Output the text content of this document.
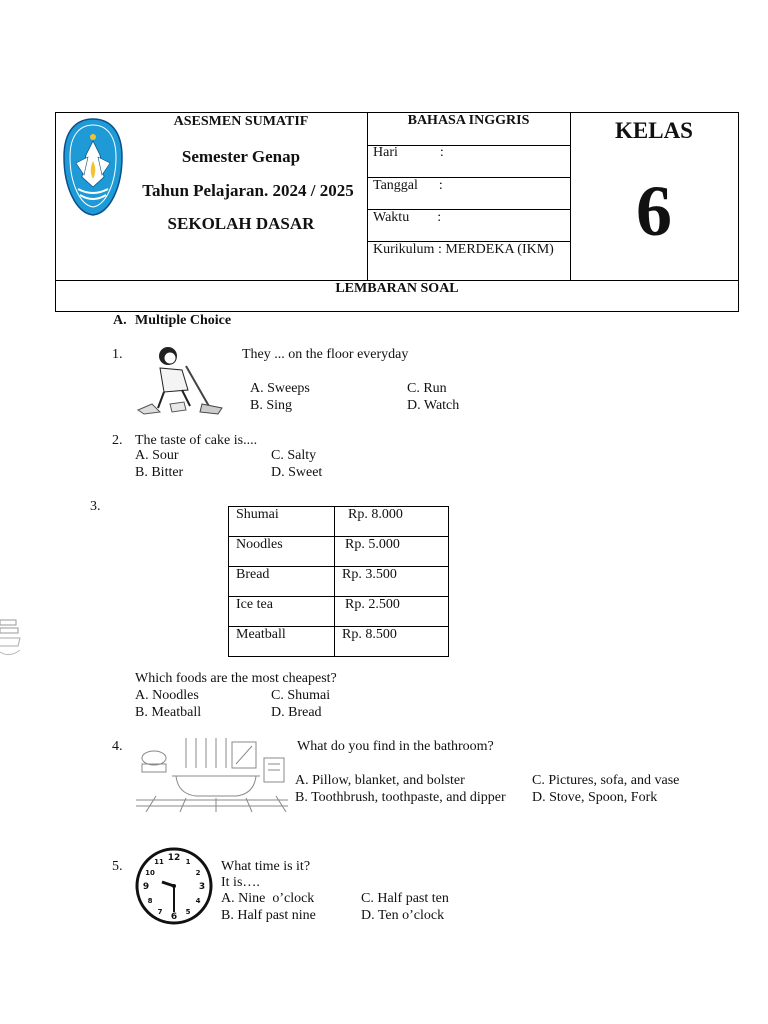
ASESMEN SUMATIF
Semester Genap
Tahun Pelajaran. 2024 / 2025
SEKOLAH DASAR
BAHASA INGGRIS
Hari            :
Tanggal      :
Waktu        :
Kurikulum : MERDEKA (IKM)
KELAS
6
LEMBARAN SOAL
A. Multiple Choice
1.	They ... on the floor everyday
A. Sweeps
B. Sing
C. Run
D. Watch
2. The taste of cake is....
A. Sour
B. Bitter
C. Salty
D. Sweet
3.
Shumai	Rp. 8.000
Noodles	Rp. 5.000
Bread	Rp. 3.500
Ice tea	Rp. 2.500
Meatball	Rp. 8.500
Which foods are the most cheapest?
A. Noodles
B. Meatball
C. Shumai
D. Bread
4.	What do you find in the bathroom?
A. Pillow, blanket, and bolster
B. Toothbrush, toothpaste, and dipper
C. Pictures, sofa, and vase
D. Stove, Spoon, Fork
5.
12 1
2
3
4
5
6
7
8
9
10
11	What time is it?
It is….
A. Nine  o’clock
B. Half past nine
C. Half past ten
D. Ten o’clock
